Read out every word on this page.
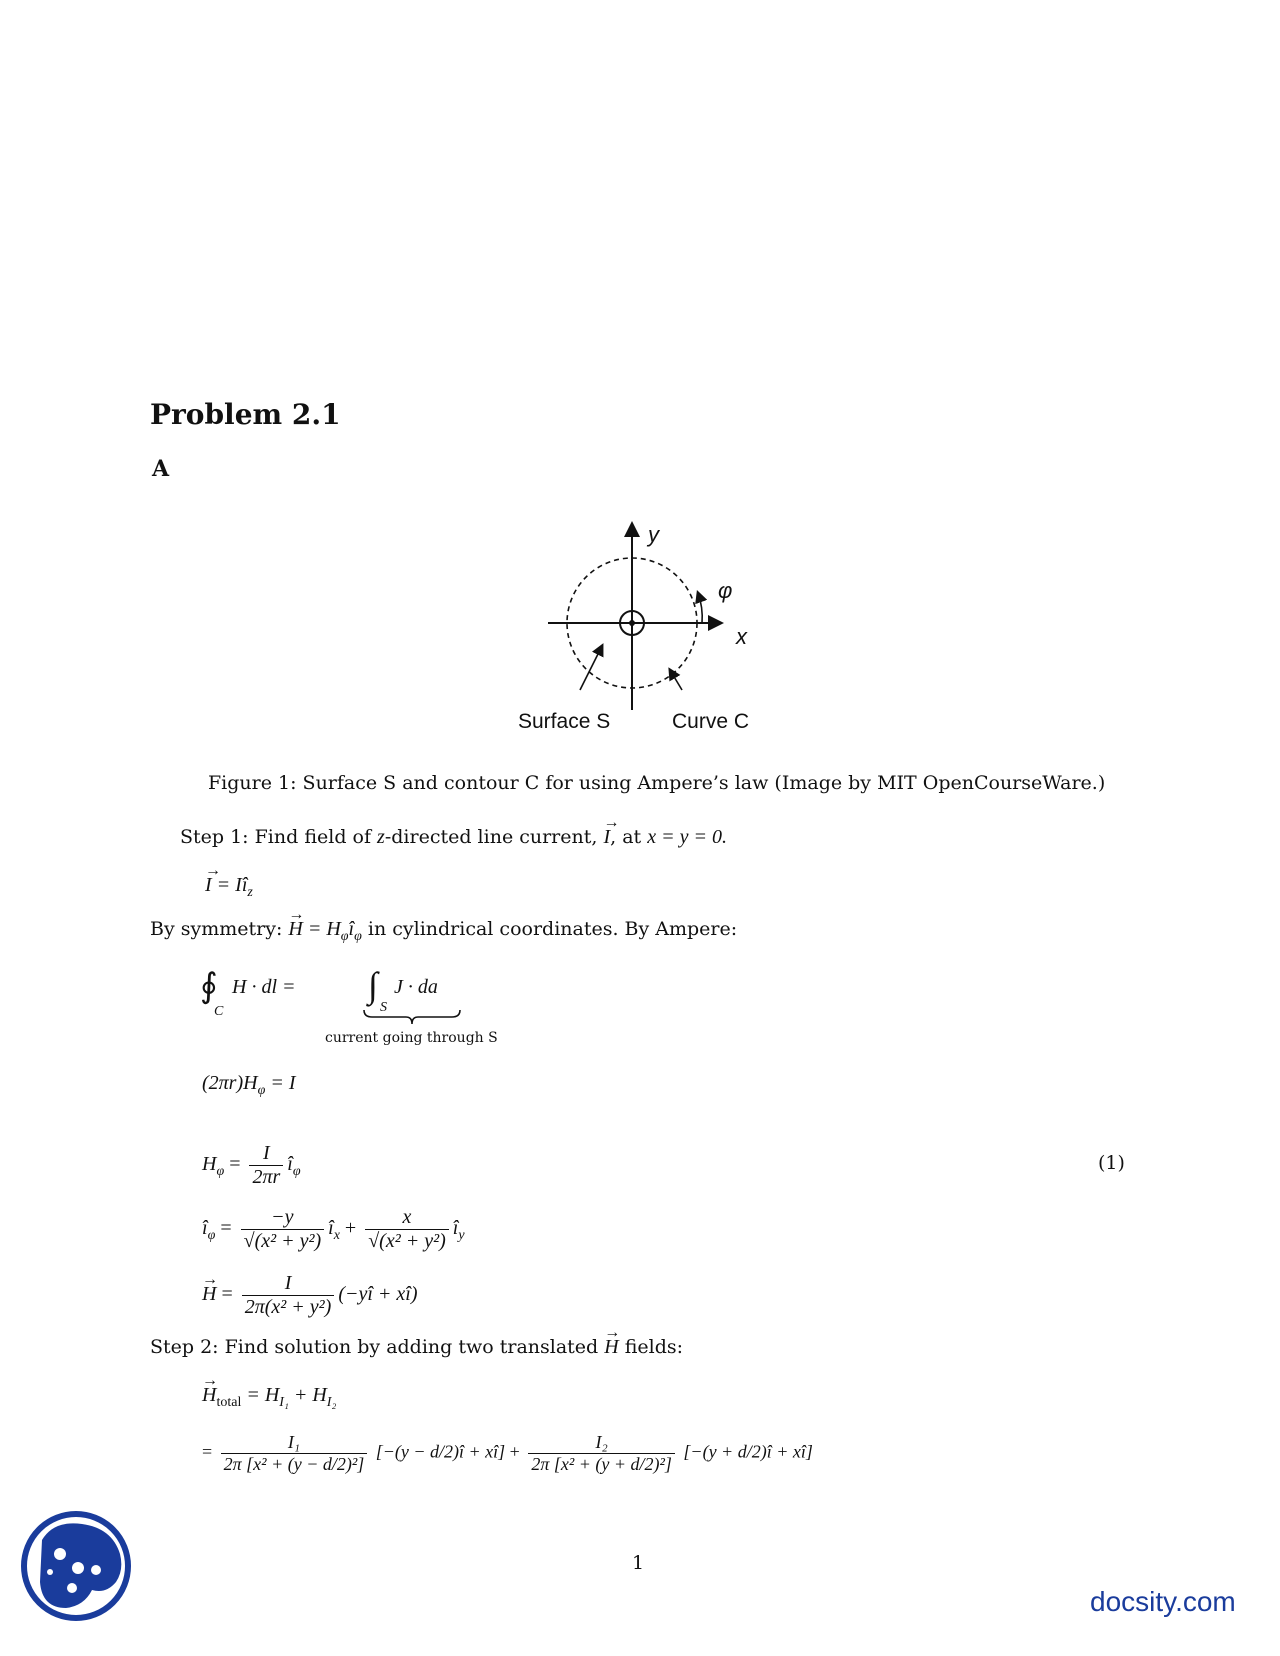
Problem 2.1
A
y
x
φ
Surface S	Curve C
Figure 1: Surface S and contour C for using Ampere’s law (Image by MIT OpenCourseWare.)
Step 1: Find field of z-directed line current, → I, at x = y = 0.
→ $I = Iî_z$
By symmetry: → $H = H_\varphi î_\varphi$ in cylindrical coordinates. By Ampere:
∮
C
H · dl = ∫
S
J · da
current going through S
$(2\pi r)H_\varphi = I$
$H_\varphi = \frac{I}{2\pi r}$ $î_\varphi$	(1)
$î_\varphi = \frac{-y}{\text{√(x² + y²)}}$ $î_x + \frac{x}{\text{√(x² + y²)}}$ $î_y$
→ $H = \frac{I}{\text{2π(x² + y²)}}$ (−yî + xî)
Step 2: Find solution by adding two translated → H fields:
→ $H_{total} = H_{I_1} + H_{I_2}$
= $\frac{\text{I₁}}{\text{2π [x² + (y − d/2)²]}} [-(y$ − d/2)î + xî] + $\frac{\text{I₂}}{\text{2π [x² + (y + d/2)²]}} [-(y$ + d/2)î + xî]
1
docsity.com
